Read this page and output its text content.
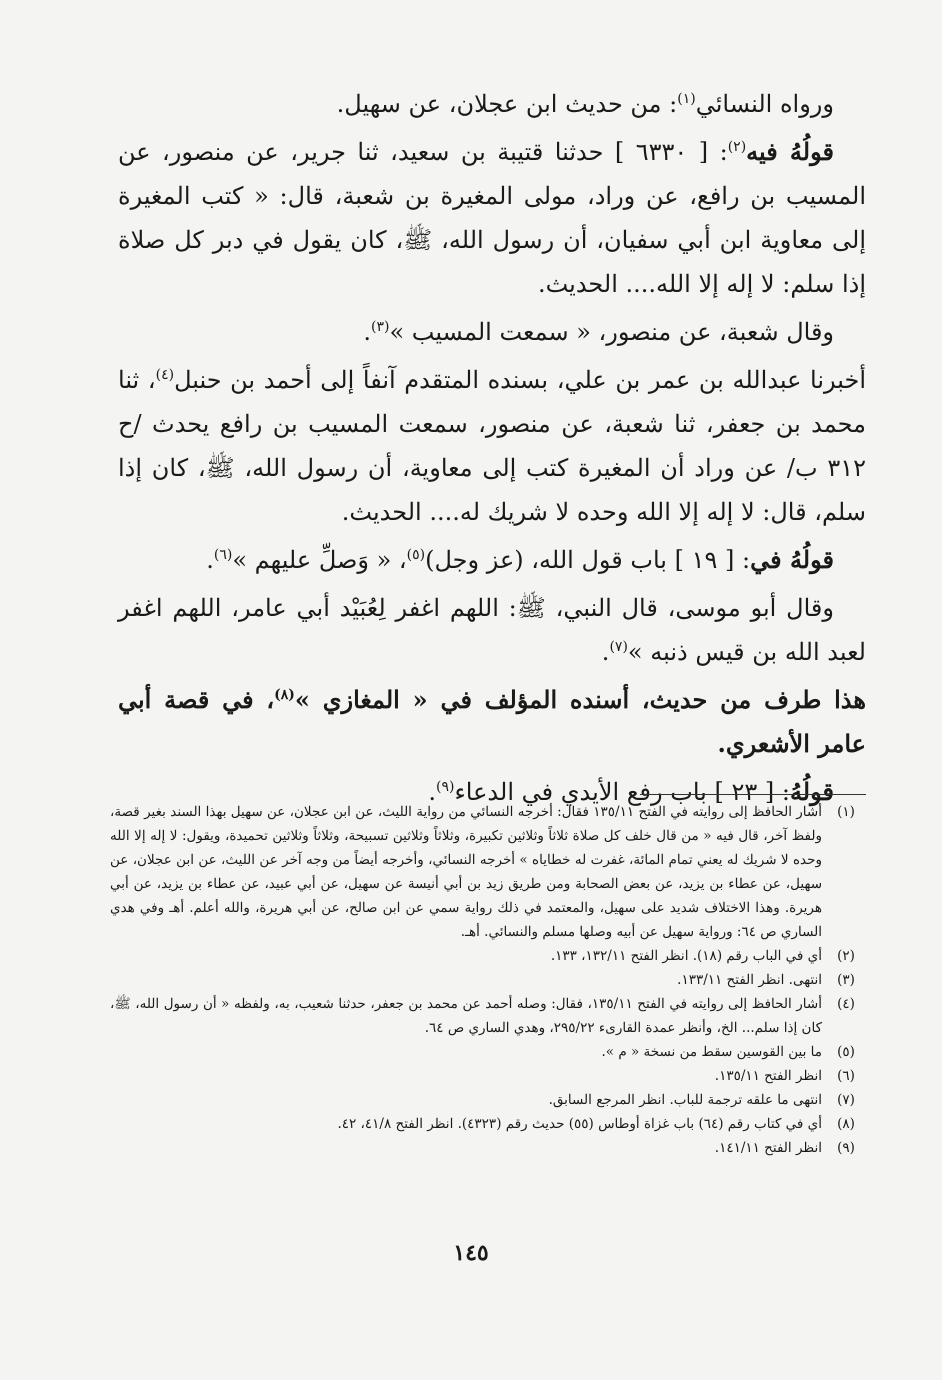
ورواه النسائي$^{(١)}$: من حديث ابن عجلان، عن سهيل.

قولُهُ فيه$^{(٢)}$: [ ٦٣٣٠ ] حدثنا قتيبة بن سعيد، ثنا جرير، عن منصور، عن المسيب بن رافع، عن وراد، مولى المغيرة بن شعبة، قال: « كتب المغيرة إلى معاوية ابن أبي سفيان، أن رسول الله، ﷺ، كان يقول في دبر كل صلاة إذا سلم: لا إله إلا الله.... الحديث.

وقال شعبة، عن منصور، « سمعت المسيب »$^{(٣)}$.

أخبرنا عبدالله بن عمر بن علي، بسنده المتقدم آنفاً إلى أحمد بن حنبل$^{(٤)}$، ثنا محمد بن جعفر، ثنا شعبة، عن منصور، سمعت المسيب بن رافع يحدث /ح ٣١٢ ب/ عن وراد أن المغيرة كتب إلى معاوية، أن رسول الله، ﷺ، كان إذا سلم، قال: لا إله إلا الله وحده لا شريك له.... الحديث.

قولُهُ في: [ ١٩ ] باب قول الله، (عز وجل)$^{(٥)}$، « وَصلِّ عليهم »$^{(٦)}$.

وقال أبو موسى، قال النبي، ﷺ: اللهم اغفر لِعُبَيْد أبي عامر، اللهم اغفر لعبد الله بن قيس ذنبه »$^{(٧)}$.

هذا طرف من حديث، أسنده المؤلف في « المغازي »$^{(٨)}$، في قصة أبي عامر الأشعري.

قولُهُ: [ ٢٣ ] باب رفع الأيدي في الدعاء$^{(٩)}$.

(١)
أشار الحافظ إلى روايته في الفتح ١٣٥/١١ فقال: أخرجه النسائي من رواية الليث، عن ابن عجلان، عن سهيل بهذا السند بغير قصة، ولفظ آخر، قال فيه « من قال خلف كل صلاة ثلاثاً وثلاثين تكبيرة، وثلاثاً وثلاثين تسبيحة، وثلاثاً وثلاثين تحميدة، ويقول: لا إله إلا الله وحده لا شريك له يعني تمام المائة، غفرت له خطاياه » أخرجه النسائي، وأخرجه أيضاً من وجه آخر عن الليث، عن ابن عجلان، عن سهيل، عن عطاء بن يزيد، عن بعض الصحابة ومن طريق زيد بن أبي أنيسة عن سهيل، عن أبي عبيد، عن عطاء بن يزيد، عن أبي هريرة. وهذا الاختلاف شديد على سهيل، والمعتمد في ذلك رواية سمي عن ابن صالح، عن أبي هريرة، والله أعلم. أهـ وفي هدي الساري ص ٦٤: ورواية سهيل عن أبيه وصلها مسلم والنسائي. أهـ.
(٢)
أي في الباب رقم (١٨). انظر الفتح ١٣٢/١١، ١٣٣.
(٣)
انتهى. انظر الفتح ١٣٣/١١.
(٤)
أشار الحافظ إلى روايته في الفتح ١٣٥/١١، فقال: وصله أحمد عن محمد بن جعفر، حدثنا شعيب، به، ولفظه « أن رسول الله، ﷺ، كان إذا سلم... الخ، وأنظر عمدة القارىء ٢٩٥/٢٢، وهدي الساري ص ٦٤.
(٥)
ما بين القوسين سقط من نسخة « م ».
(٦)
انظر الفتح ١٣٥/١١.
(٧)
انتهى ما علقه ترجمة للباب. انظر المرجع السابق.
(٨)
أي في كتاب رقم (٦٤) باب غزاة أوطاس (٥٥) حديث رقم (٤٣٢٣). انظر الفتح ٤١/٨، ٤٢.
(٩)
انظر الفتح ١٤١/١١.
١٤٥
